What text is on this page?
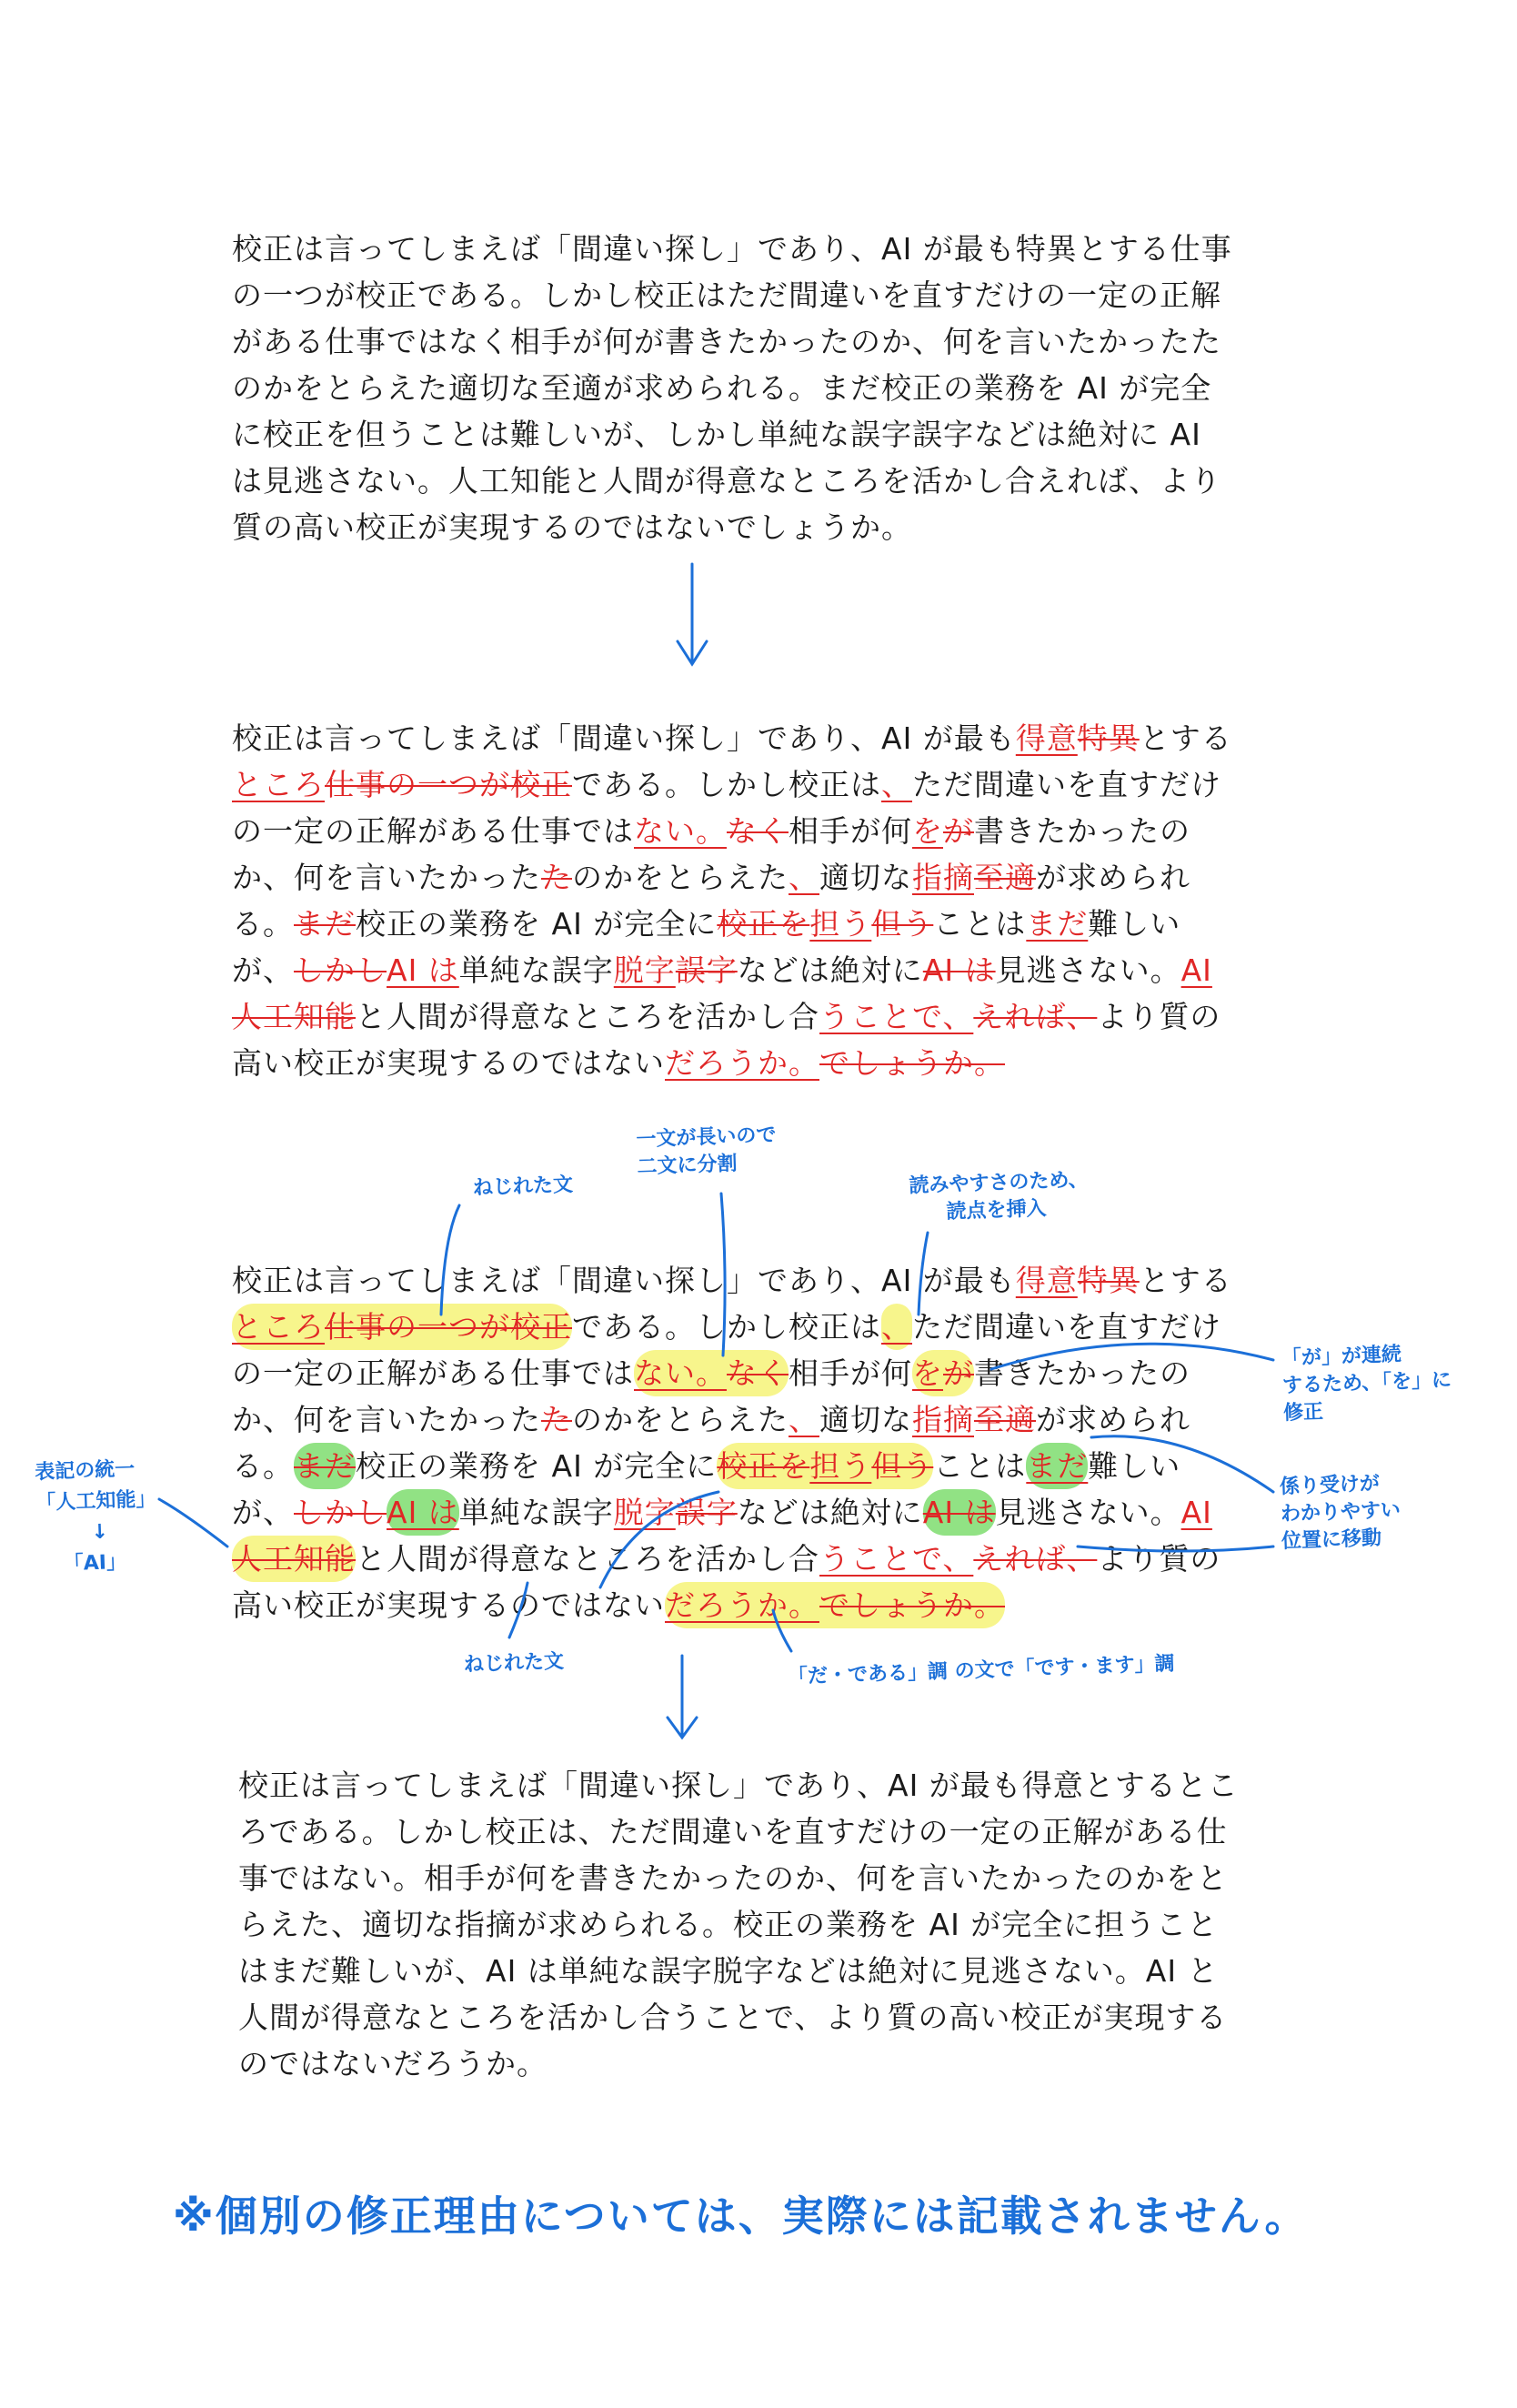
校正は言ってしまえば「間違い探し」であり、AI が最も特異とする仕事
の一つが校正である。しかし校正はただ間違いを直すだけの一定の正解
がある仕事ではなく相手が何が書きたかったのか、何を言いたかったた
のかをとらえた適切な至適が求められる。まだ校正の業務を AI が完全
に校正を但うことは難しいが、しかし単純な誤字誤字などは絶対に AI
は見逃さない。人工知能と人間が得意なところを活かし合えれば、より
質の高い校正が実現するのではないでしょうか。
校正は言ってしまえば「間違い探し」であり、AI が最も得意特異とする
ところ仕事の一つが校正である。しかし校正は、ただ間違いを直すだけ
の一定の正解がある仕事ではない。なく相手が何をが書きたかったの
か、何を言いたかったたのかをとらえた、適切な指摘至適が求められ
る。まだ校正の業務を AI が完全に校正を担う但うことはまだ難しい
が、しかしAI は単純な誤字脱字誤字などは絶対にAI は見逃さない。AI
人工知能と人間が得意なところを活かし合うことで、えれば、より質の
高い校正が実現するのではないだろうか。でしょうか。
校正は言ってしまえば「間違い探し」であり、AI が最も得意特異とする
ところ仕事の一つが校正である。しかし校正は、ただ間違いを直すだけ
の一定の正解がある仕事ではない。なく相手が何をが書きたかったの
か、何を言いたかったたのかをとらえた、適切な指摘至適が求められ
る。まだ校正の業務を AI が完全に校正を担う但うことはまだ難しい
が、しかしAI は単純な誤字脱字誤字などは絶対にAI は見逃さない。AI
人工知能と人間が得意なところを活かし合うことで、えれば、より質の
高い校正が実現するのではないだろうか。でしょうか。
ねじれた文
一文が長いので
二文に分割
読みやすさのため、
読点を挿入
「が」が連続
するため、「を」に
修正
係り受けが
わかりやすい
位置に移動
表記の統一
「人工知能」
↓
「AI」
ねじれた文	「だ・である」調 の文で「です・ます」調
校正は言ってしまえば「間違い探し」であり、AI が最も得意とするとこ
ろである。しかし校正は、ただ間違いを直すだけの一定の正解がある仕
事ではない。相手が何を書きたかったのか、何を言いたかったのかをと
らえた、適切な指摘が求められる。校正の業務を AI が完全に担うこと
はまだ難しいが、AI は単純な誤字脱字などは絶対に見逃さない。AI と
人間が得意なところを活かし合うことで、より質の高い校正が実現する
のではないだろうか。
※個別の修正理由については、実際には記載されません。
